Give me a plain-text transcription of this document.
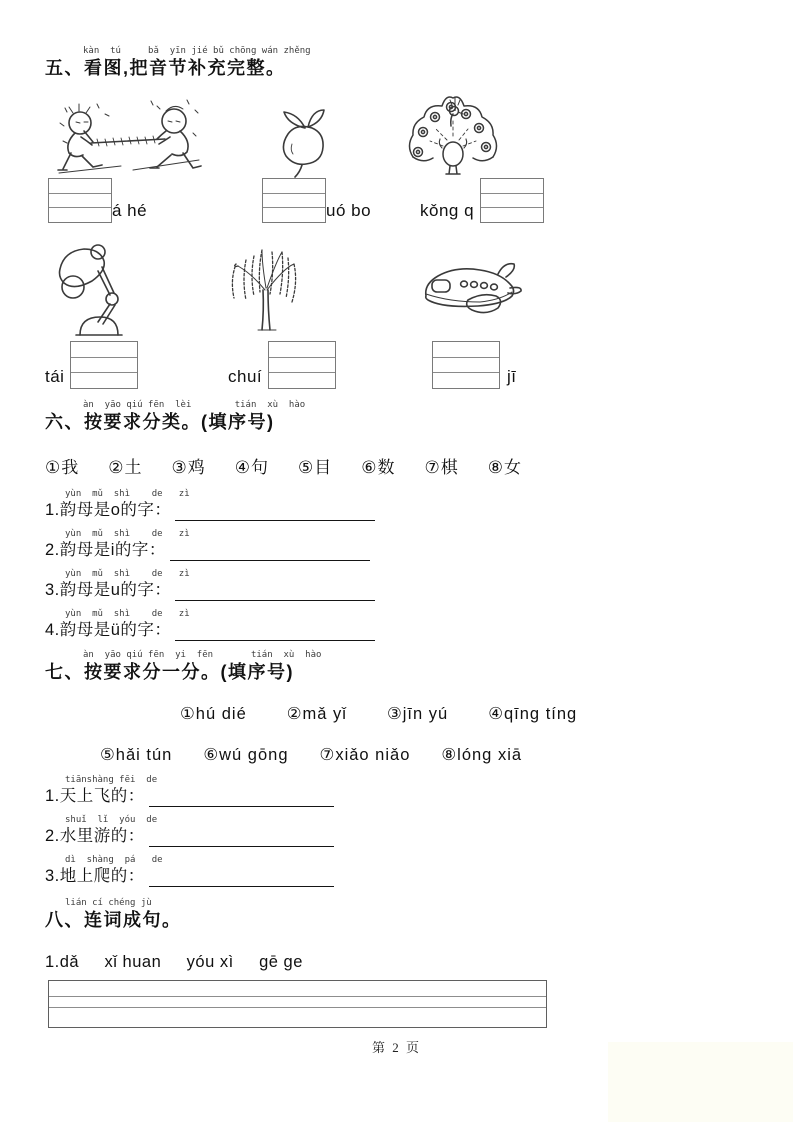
kàn  tú     bǎ  yīn jié bǔ chōng wán zhěng
五、看图,把音节补充完整。
á hé	uó bo	kǒng q
tái	chuí	jī
àn  yāo qiú fēn  lèi        tián  xù  hào
六、按要求分类。(填序号)
①我 ②土 ③鸡 ④句 ⑤目 ⑥数 ⑦棋 ⑧女
yùn  mǔ  shì    de   zì
1.韵母是o的字：
yùn  mǔ  shì    de   zì
2.韵母是i的字：
yùn  mǔ  shì    de   zì
3.韵母是u的字：
yùn  mǔ  shì    de   zì
4.韵母是ü的字：
àn  yāo qiú fēn  yi  fēn       tián  xù  hào
七、按要求分一分。(填序号)
①hú dié ②mǎ yǐ ③jīn yú ④qīng tíng
⑤hǎi tún ⑥wú gōng ⑦xiǎo niǎo ⑧lóng xiā
tiānshàng fēi  de
1.天上飞的：
shuǐ  lǐ  yóu  de
2.水里游的：
dì  shàng  pá   de
3.地上爬的：
lián cí chéng jù
八、连词成句。
1.dǎ     xǐ huan     yóu xì     gē ge
第 2 页
